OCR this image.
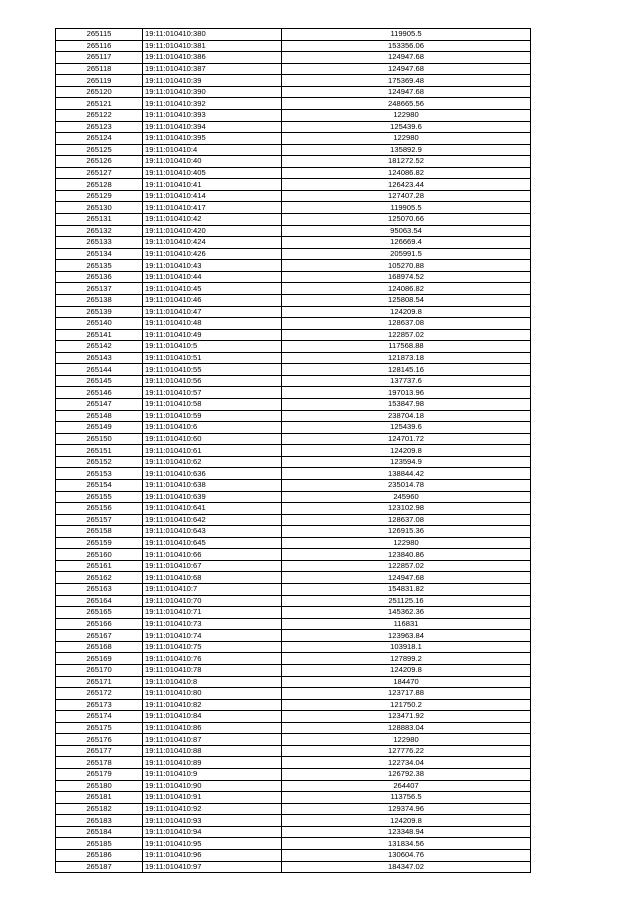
265115	19:11:010410:380	119905.5
265116	19:11:010410:381	153356.06
265117	19:11:010410:386	124947.68
265118	19:11:010410:387	124947.68
265119	19:11:010410:39	175369.48
265120	19:11:010410:390	124947.68
265121	19:11:010410:392	248665.56
265122	19:11:010410:393	122980
265123	19:11:010410:394	125439.6
265124	19:11:010410:395	122980
265125	19:11:010410:4	135892.9
265126	19:11:010410:40	181272.52
265127	19:11:010410:405	124086.82
265128	19:11:010410:41	126423.44
265129	19:11:010410:414	127407.28
265130	19:11:010410:417	119905.5
265131	19:11:010410:42	125070.66
265132	19:11:010410:420	95063.54
265133	19:11:010410:424	126669.4
265134	19:11:010410:426	205991.5
265135	19:11:010410:43	105270.88
265136	19:11:010410:44	168974.52
265137	19:11:010410:45	124086.82
265138	19:11:010410:46	125808.54
265139	19:11:010410:47	124209.8
265140	19:11:010410:48	128637.08
265141	19:11:010410:49	122857.02
265142	19:11:010410:5	117568.88
265143	19:11:010410:51	121873.18
265144	19:11:010410:55	128145.16
265145	19:11:010410:56	137737.6
265146	19:11:010410:57	197013.96
265147	19:11:010410:58	153847.98
265148	19:11:010410:59	238704.18
265149	19:11:010410:6	125439.6
265150	19:11:010410:60	124701.72
265151	19:11:010410:61	124209.8
265152	19:11:010410:62	123594.9
265153	19:11:010410:636	138844.42
265154	19:11:010410:638	235014.78
265155	19:11:010410:639	245960
265156	19:11:010410:641	123102.98
265157	19:11:010410:642	128637.08
265158	19:11:010410:643	126915.36
265159	19:11:010410:645	122980
265160	19:11:010410:66	123840.86
265161	19:11:010410:67	122857.02
265162	19:11:010410:68	124947.68
265163	19:11:010410:7	154831.82
265164	19:11:010410:70	251125.16
265165	19:11:010410:71	145362.36
265166	19:11:010410:73	116831
265167	19:11:010410:74	123963.84
265168	19:11:010410:75	103918.1
265169	19:11:010410:76	127899.2
265170	19:11:010410:78	124209.8
265171	19:11:010410:8	184470
265172	19:11:010410:80	123717.88
265173	19:11:010410:82	121750.2
265174	19:11:010410:84	123471.92
265175	19:11:010410:86	128883.04
265176	19:11:010410:87	122980
265177	19:11:010410:88	127776.22
265178	19:11:010410:89	122734.04
265179	19:11:010410:9	126792.38
265180	19:11:010410:90	264407
265181	19:11:010410:91	113756.5
265182	19:11:010410:92	129374.96
265183	19:11:010410:93	124209.8
265184	19:11:010410:94	123348.94
265185	19:11:010410:95	131834.56
265186	19:11:010410:96	130604.76
265187	19:11:010410:97	184347.02
